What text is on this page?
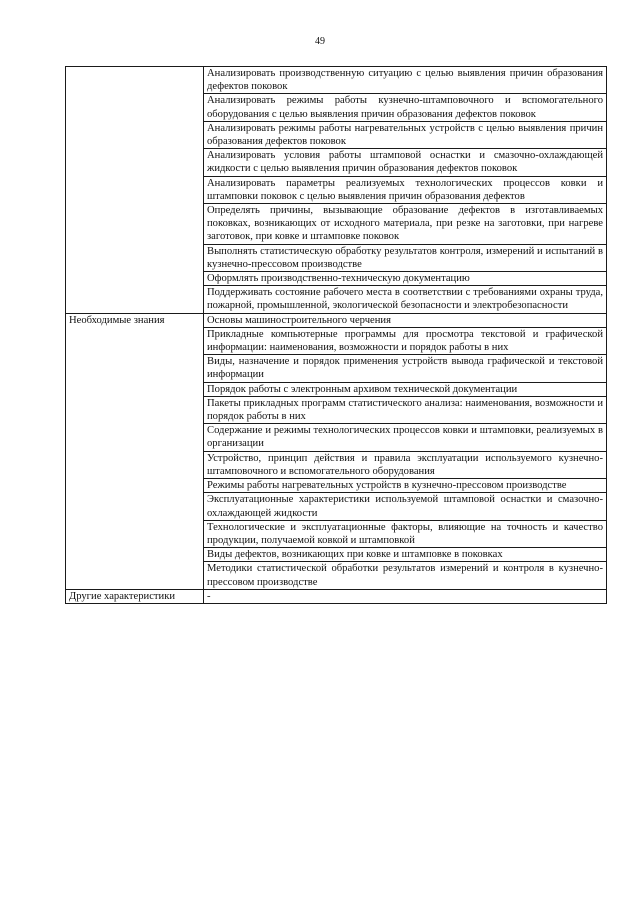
49
	Анализировать производственную ситуацию с целью выявления причин образования дефектов поковок
	Анализировать режимы работы кузнечно-штамповочного и вспомогательного оборудования с целью выявления причин образования дефектов поковок
	Анализировать режимы работы нагревательных устройств с целью выявления причин образования дефектов поковок
	Анализировать условия работы штамповой оснастки и смазочно-охлаждающей жидкости с целью выявления причин образования дефектов поковок
	Анализировать параметры реализуемых технологических процессов ковки и штамповки поковок с целью выявления причин образования дефектов
	Определять причины, вызывающие образование дефектов в изготавливаемых поковках, возникающих от исходного материала, при резке на заготовки, при нагреве заготовок, при ковке и штамповке поковок
	Выполнять статистическую обработку результатов контроля, измерений и испытаний в кузнечно-прессовом производстве
	Оформлять производственно-техническую документацию
	Поддерживать состояние рабочего места в соответствии с требованиями охраны труда, пожарной, промышленной, экологической безопасности и электробезопасности
Необходимые знания	Основы машиностроительного черчения
	Прикладные компьютерные программы для просмотра текстовой и графической информации: наименования, возможности и порядок работы в них
	Виды, назначение и порядок применения устройств вывода графической и текстовой информации
	Порядок работы с электронным архивом технической документации
	Пакеты прикладных программ статистического анализа: наименования, возможности и порядок работы в них
	Содержание и режимы технологических процессов ковки и штамповки, реализуемых в организации
	Устройство, принцип действия и правила эксплуатации используемого кузнечно-штамповочного и вспомогательного оборудования
	Режимы работы нагревательных устройств в кузнечно-прессовом производстве
	Эксплуатационные характеристики используемой штамповой оснастки и смазочно-охлаждающей жидкости
	Технологические и эксплуатационные факторы, влияющие на точность и качество продукции, получаемой ковкой и штамповкой
	Виды дефектов, возникающих при ковке и штамповке в поковках
	Методики статистической обработки результатов измерений и контроля в кузнечно-прессовом производстве
Другие характеристики	-
